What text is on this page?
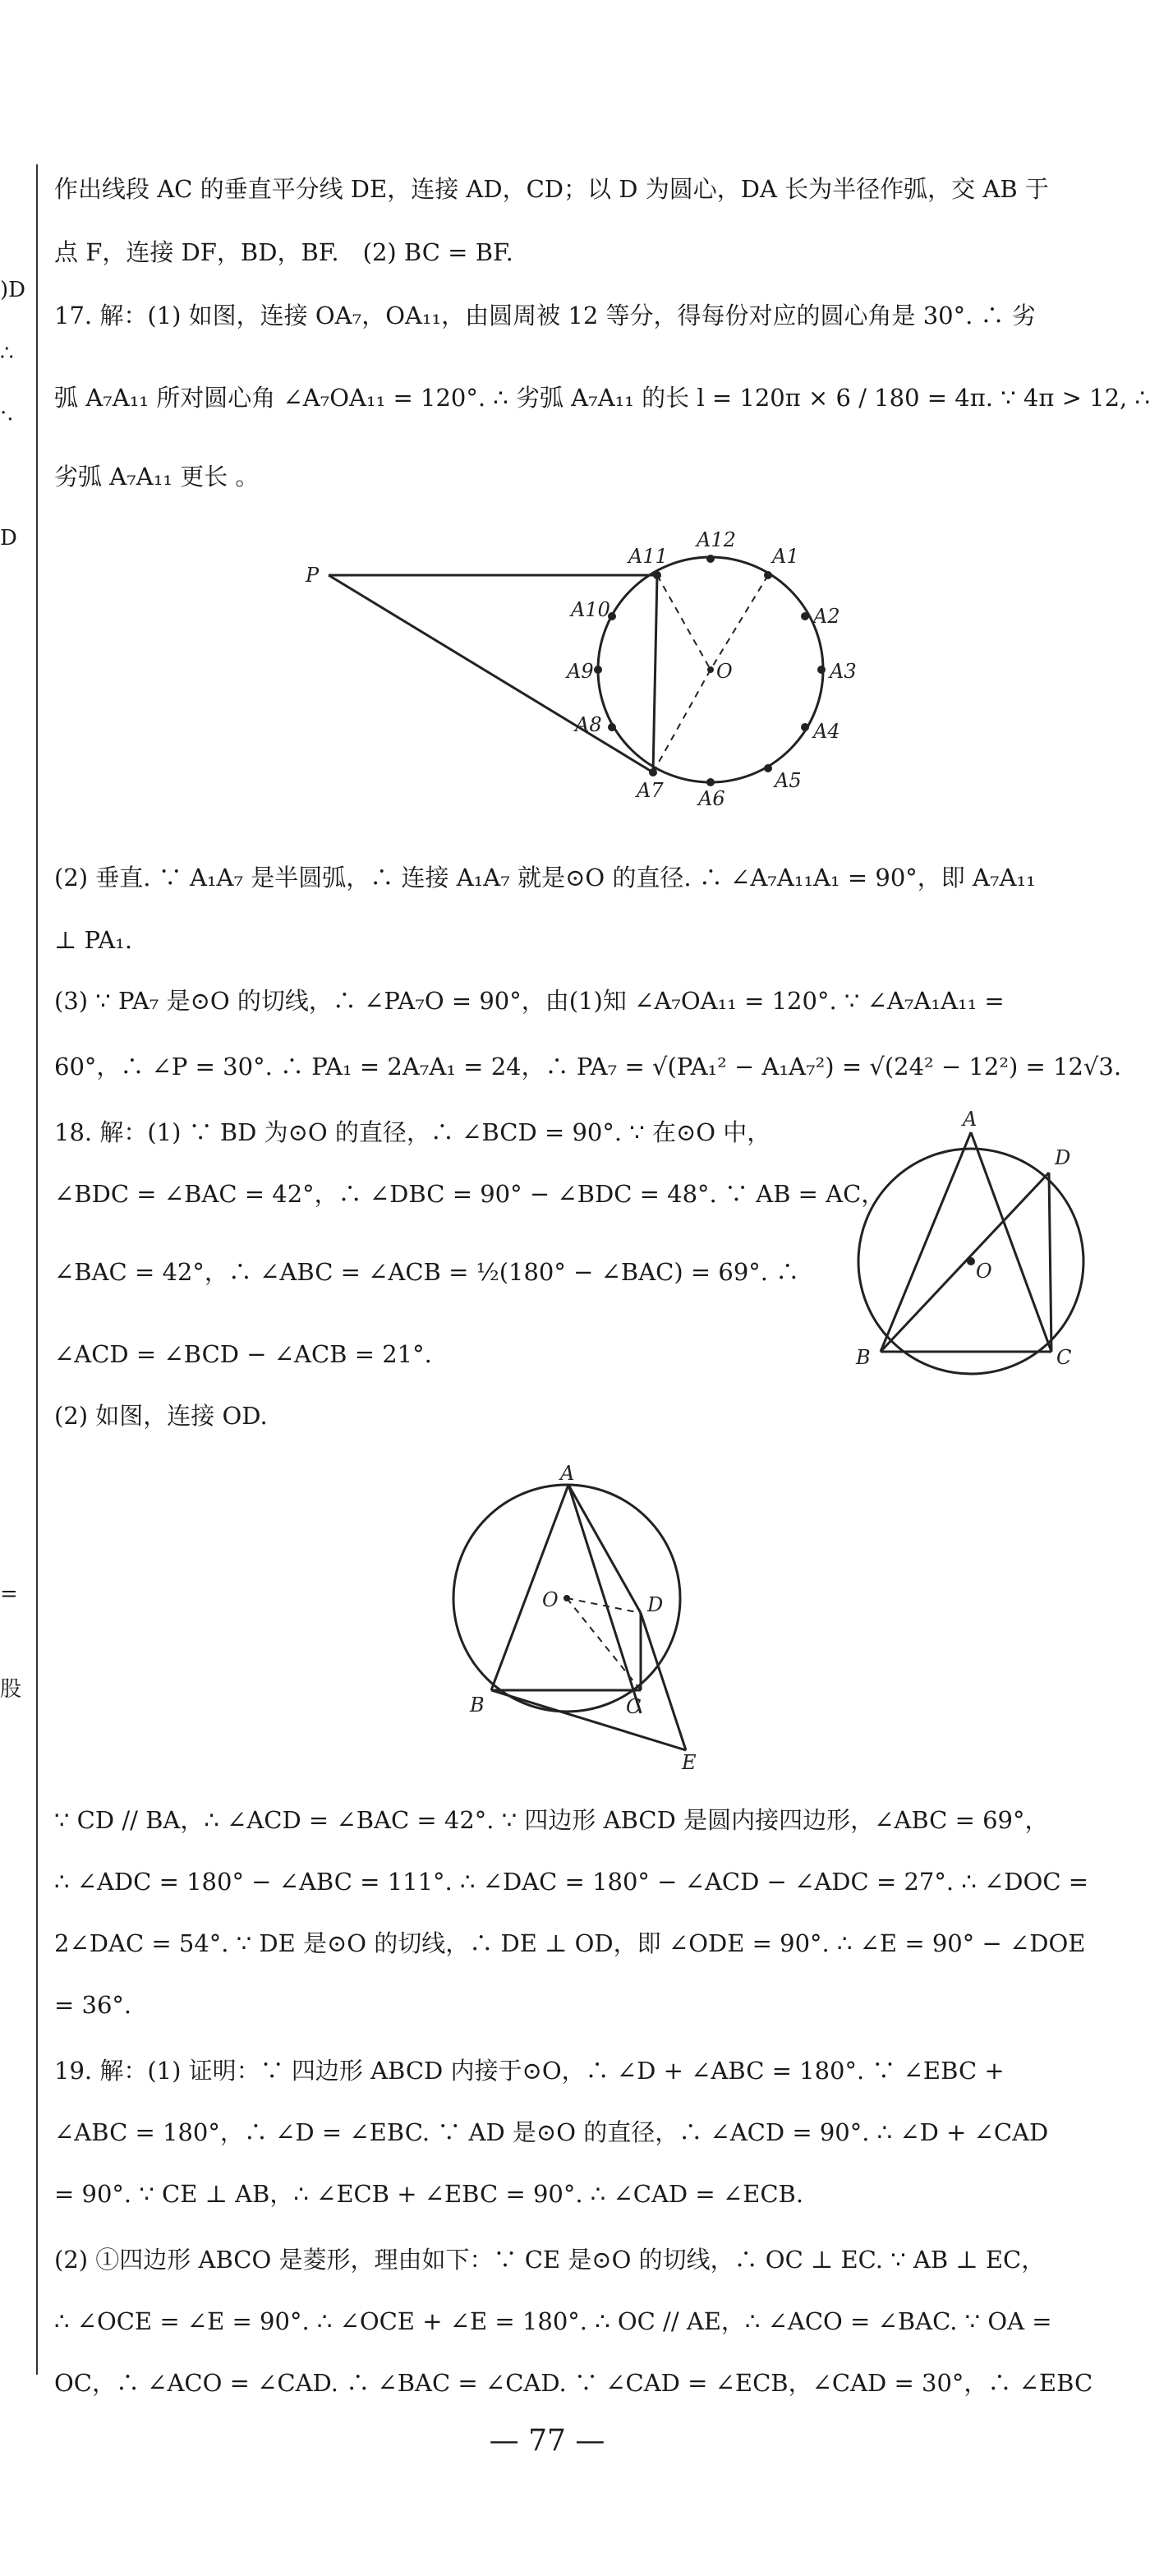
)D
∴
·.
D
=
股
作出线段 AC 的垂直平分线 DE，连接 AD，CD；以 D 为圆心，DA 长为半径作弧，交 AB 于
点 F，连接 DF，BD，BF.　(2) BC = BF.
17. 解：(1) 如图，连接 OA₇，OA₁₁，由圆周被 12 等分，得每份对应的圆心角是 30°. ∴ 劣
弧 A₇A₁₁ 所对圆心角 ∠A₇OA₁₁ = 120°. ∴ 劣弧 A₇A₁₁ 的长 l = 120π × 6 / 180 = 4π. ∵ 4π > 12, ∴
劣弧 A₇A₁₁ 更长 。
P
A11
A12
A1
A10	A2
O
A9	A3
A8	A4
A7	A5
A6
(2) 垂直. ∵ A₁A₇ 是半圆弧，∴ 连接 A₁A₇ 就是⊙O 的直径. ∴ ∠A₇A₁₁A₁ = 90°，即 A₇A₁₁
⊥ PA₁.
(3) ∵ PA₇ 是⊙O 的切线，∴ ∠PA₇O = 90°，由(1)知 ∠A₇OA₁₁ = 120°. ∵ ∠A₇A₁A₁₁ =
60°，∴ ∠P = 30°. ∴ PA₁ = 2A₇A₁ = 24，∴ PA₇ = √(PA₁² − A₁A₇²) = √(24² − 12²) = 12√3.
18. 解：(1) ∵ BD 为⊙O 的直径，∴ ∠BCD = 90°. ∵ 在⊙O 中，
∠BDC = ∠BAC = 42°，∴ ∠DBC = 90° − ∠BDC = 48°. ∵ AB = AC，
∠BAC = 42°，∴ ∠ABC = ∠ACB = ½(180° − ∠BAC) = 69°. ∴
∠ACD = ∠BCD − ∠ACB = 21°.
A
D
O
B	C
(2) 如图，连接 OD.
A
D
O
B	C
E
∵ CD // BA，∴ ∠ACD = ∠BAC = 42°. ∵ 四边形 ABCD 是圆内接四边形，∠ABC = 69°，
∴ ∠ADC = 180° − ∠ABC = 111°. ∴ ∠DAC = 180° − ∠ACD − ∠ADC = 27°. ∴ ∠DOC =
2∠DAC = 54°. ∵ DE 是⊙O 的切线，∴ DE ⊥ OD，即 ∠ODE = 90°. ∴ ∠E = 90° − ∠DOE
= 36°.
19. 解：(1) 证明：∵ 四边形 ABCD 内接于⊙O，∴ ∠D + ∠ABC = 180°. ∵ ∠EBC +
∠ABC = 180°，∴ ∠D = ∠EBC. ∵ AD 是⊙O 的直径，∴ ∠ACD = 90°. ∴ ∠D + ∠CAD
= 90°. ∵ CE ⊥ AB，∴ ∠ECB + ∠EBC = 90°. ∴ ∠CAD = ∠ECB.
(2) ①四边形 ABCO 是菱形，理由如下：∵ CE 是⊙O 的切线，∴ OC ⊥ EC. ∵ AB ⊥ EC，
∴ ∠OCE = ∠E = 90°. ∴ ∠OCE + ∠E = 180°. ∴ OC // AE，∴ ∠ACO = ∠BAC. ∵ OA =
OC，∴ ∠ACO = ∠CAD. ∴ ∠BAC = ∠CAD. ∵ ∠CAD = ∠ECB，∠CAD = 30°，∴ ∠EBC
— 77 —
